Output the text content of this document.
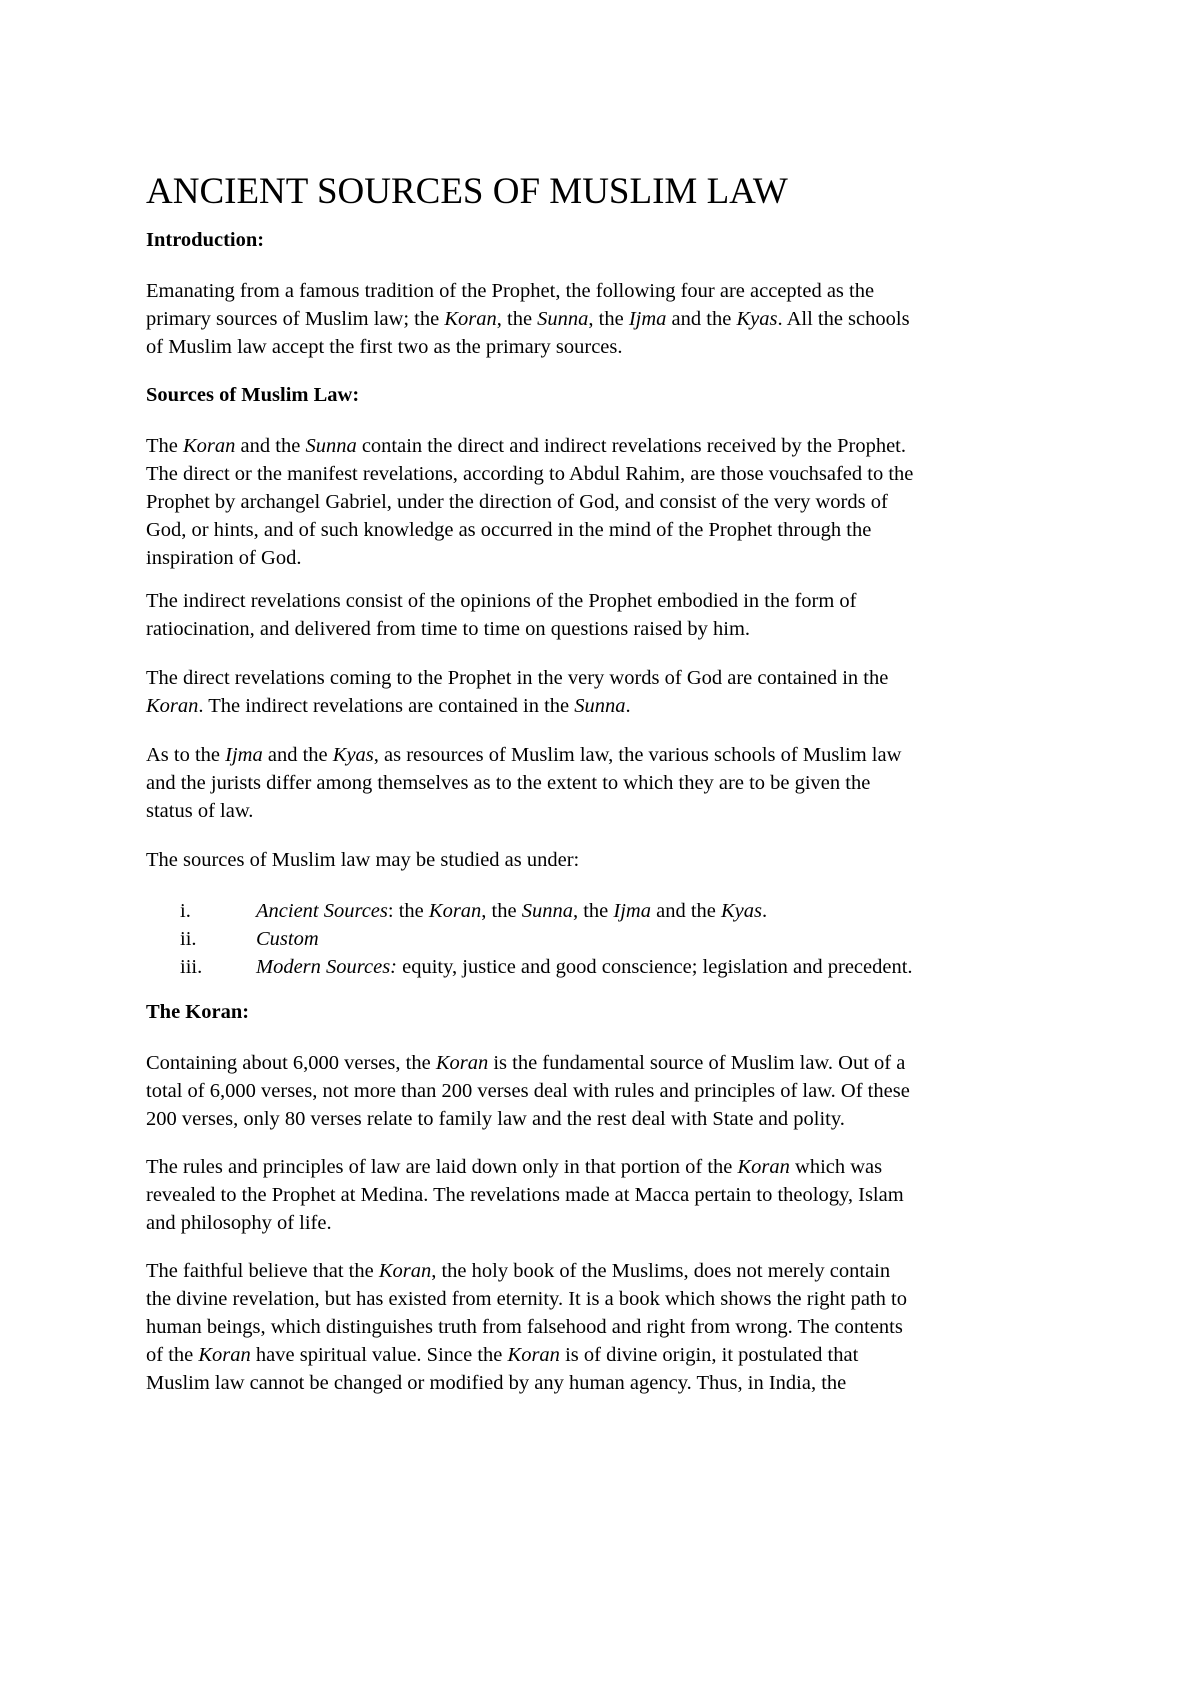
ANCIENT SOURCES OF MUSLIM LAW
Introduction:
Emanating from a famous tradition of the Prophet, the following four are accepted as the
primary sources of Muslim law; the Koran, the Sunna, the Ijma and the Kyas. All the schools
of Muslim law accept the first two as the primary sources.
Sources of Muslim Law:
The Koran and the Sunna contain the direct and indirect revelations received by the Prophet.
The direct or the manifest revelations, according to Abdul Rahim, are those vouchsafed to the
Prophet by archangel Gabriel, under the direction of God, and consist of the very words of
God, or hints, and of such knowledge as occurred in the mind of the Prophet through the
inspiration of God.
The indirect revelations consist of the opinions of the Prophet embodied in the form of
ratiocination, and delivered from time to time on questions raised by him.
The direct revelations coming to the Prophet in the very words of God are contained in the
Koran. The indirect revelations are contained in the Sunna.
As to the Ijma and the Kyas, as resources of Muslim law, the various schools of Muslim law
and the jurists differ among themselves as to the extent to which they are to be given the
status of law.
The sources of Muslim law may be studied as under:
i.	Ancient Sources: the Koran, the Sunna, the Ijma and the Kyas.
ii.	Custom
iii.	Modern Sources: equity, justice and good conscience; legislation and precedent.
The Koran:
Containing about 6,000 verses, the Koran is the fundamental source of Muslim law. Out of a
total of 6,000 verses, not more than 200 verses deal with rules and principles of law. Of these
200 verses, only 80 verses relate to family law and the rest deal with State and polity.
The rules and principles of law are laid down only in that portion of the Koran which was
revealed to the Prophet at Medina. The revelations made at Macca pertain to theology, Islam
and philosophy of life.
The faithful believe that the Koran, the holy book of the Muslims, does not merely contain
the divine revelation, but has existed from eternity. It is a book which shows the right path to
human beings, which distinguishes truth from falsehood and right from wrong. The contents
of the Koran have spiritual value. Since the Koran is of divine origin, it postulated that
Muslim law cannot be changed or modified by any human agency. Thus, in India, the
